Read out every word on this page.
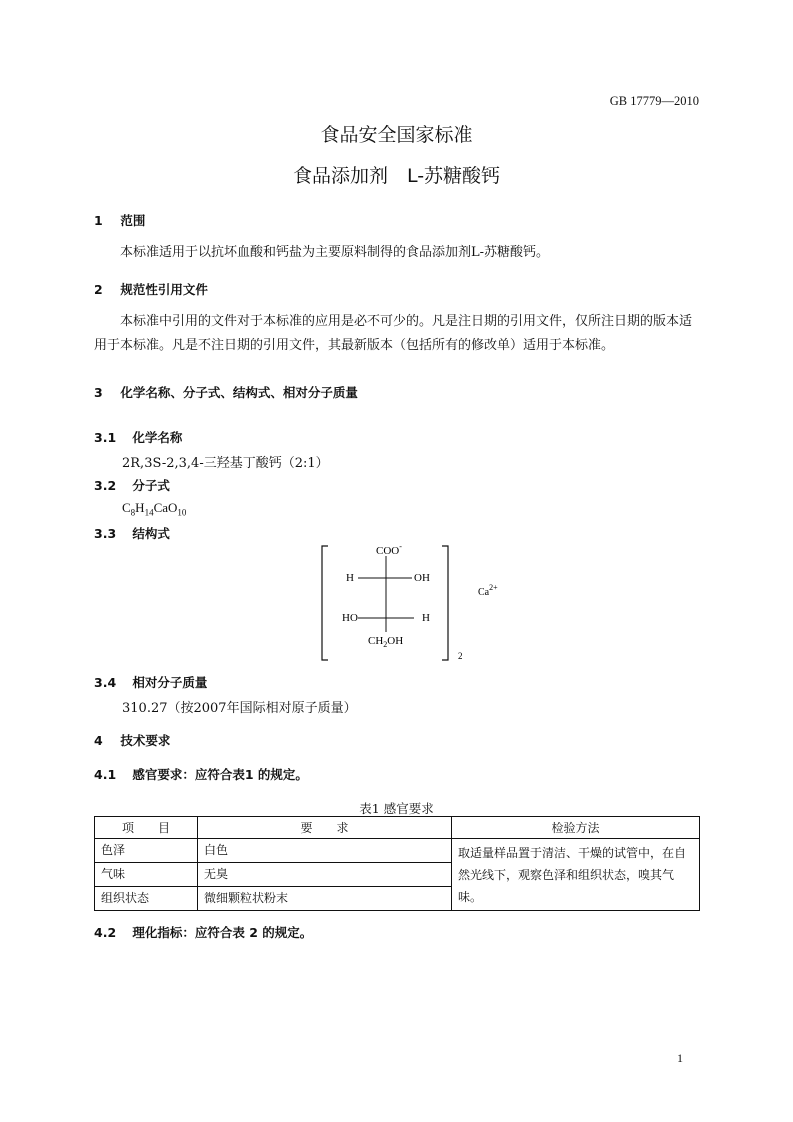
GB 17779—2010
食品安全国家标准
食品添加剂　L-苏糖酸钙
1 范围
本标准适用于以抗坏血酸和钙盐为主要原料制得的食品添加剂L-苏糖酸钙。
2 规范性引用文件
本标准中引用的文件对于本标准的应用是必不可少的。凡是注日期的引用文件，仅所注日期的版本适用于本标准。凡是不注日期的引用文件，其最新版本（包括所有的修改单）适用于本标准。
3 化学名称、分子式、结构式、相对分子质量
3.1 化学名称
2R,3S-2,3,4-三羟基丁酸钙（2:1）
3.2 分子式
$C_8H_{14}CaO_{10}$
3.3 结构式
COO-
H	OH
HO	H
$CH_2OH$
2
$Ca^{2+}$
3.4 相对分子质量
310.27（按2007年国际相对原子质量）
4 技术要求
4.1 感官要求：应符合表1 的规定。
表1 感官要求
项　　目	要　　求	检验方法
色泽	白色	取适量样品置于清洁、干燥的试管中，在自然光线下，观察色泽和组织状态，嗅其气味。
气味	无臭	
组织状态	微细颗粒状粉末	
4.2 理化指标：应符合表 2 的规定。
1
